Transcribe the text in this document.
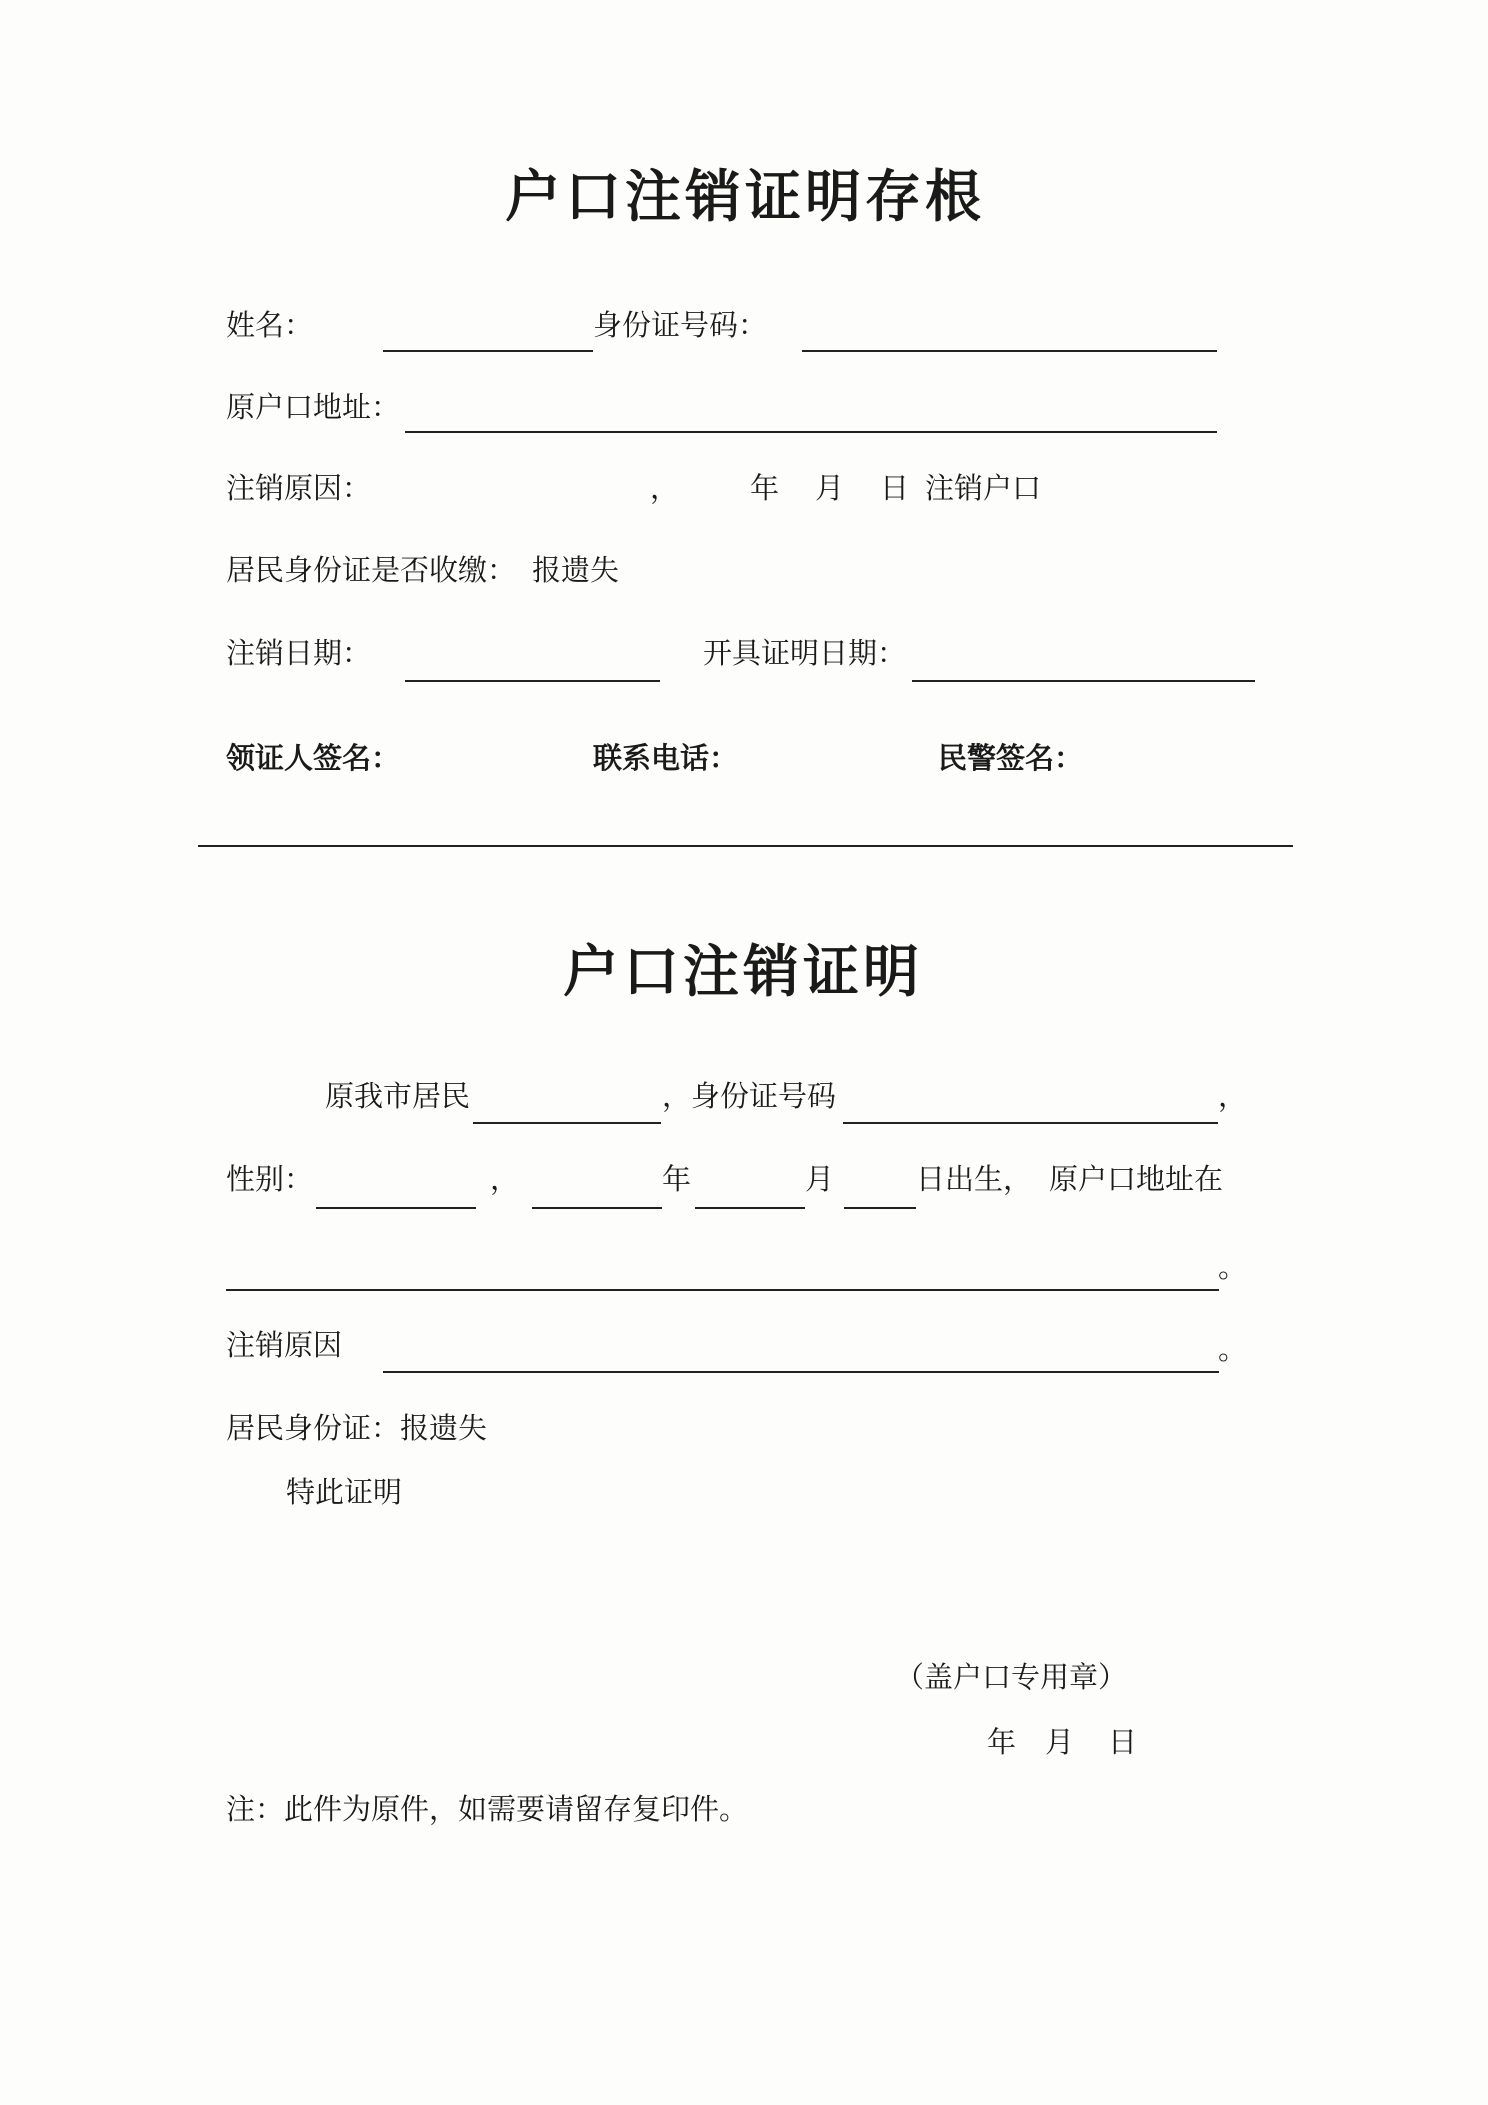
户口注销证明存根
姓名：	身份证号码：
原户口地址：
注销原因：	， 年 月 日 注销户口
居民身份证是否收缴： 报遗失
注销日期：	开具证明日期：
领证人签名：	联系电话：	民警签名：
户口注销证明
原我市居民	，身份证号码	，
性别：	，	年	月	日出生， 原户口地址在
。
注销原因	。
居民身份证：报遗失
特此证明
（盖户口专用章）
年 月 日
注：此件为原件，如需要请留存复印件。
